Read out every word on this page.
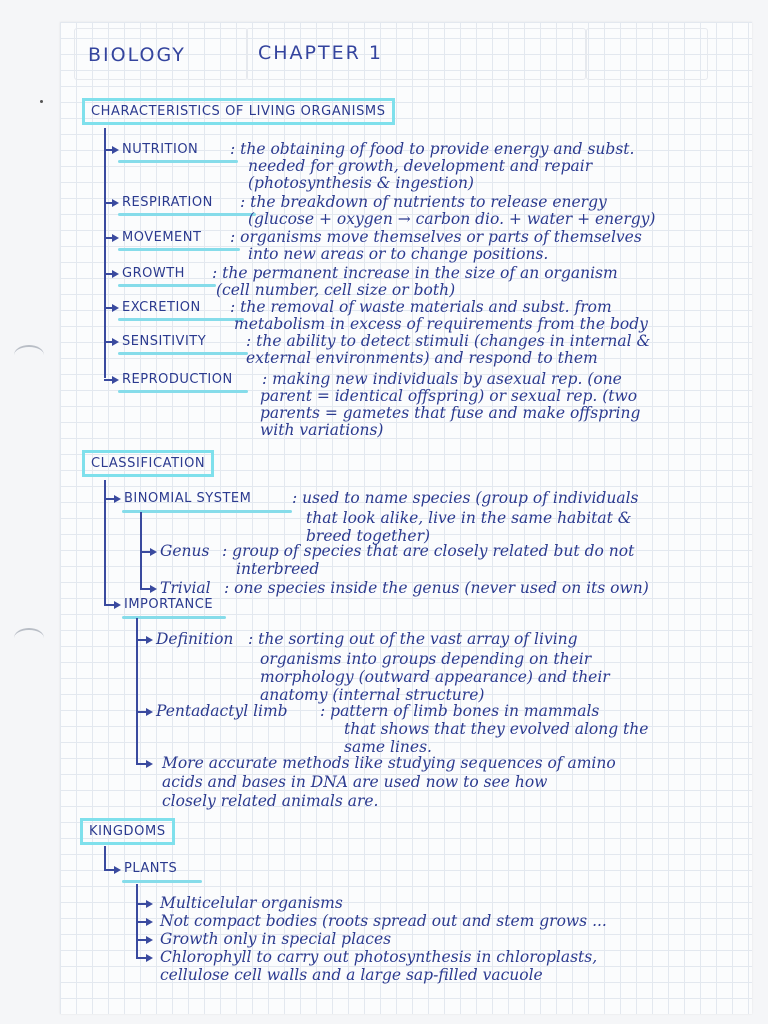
BIOLOGY	CHAPTER 1
CHARACTERISTICS OF LIVING ORGANISMS
NUTRITION : the obtaining of food to provide energy and subst.
needed for growth, development and repair
(photosynthesis & ingestion)
RESPIRATION : the breakdown of nutrients to release energy
(glucose + oxygen → carbon dio. + water + energy)
MOVEMENT : organisms move themselves or parts of themselves
into new areas or to change positions.
GROWTH : the permanent increase in the size of an organism
(cell number, cell size or both)
EXCRETION : the removal of waste materials and subst. from
metabolism in excess of requirements from the body
SENSITIVITY	: the ability to detect stimuli (changes in internal &
external environments) and respond to them
REPRODUCTION : making new individuals by asexual rep. (one
parent = identical offspring) or sexual rep. (two
parents = gametes that fuse and make offspring
with variations)
CLASSIFICATION
BINOMIAL SYSTEM	: used to name species (group of individuals
that look alike, live in the same habitat &
breed together)
Genus : group of species that are closely related but do not
interbreed
Trivial : one species inside the genus (never used on its own)
IMPORTANCE
Definition : the sorting out of the vast array of living
organisms into groups depending on their
morphology (outward appearance) and their
anatomy (internal structure)
Pentadactyl limb : pattern of limb bones in mammals
that shows that they evolved along the
same lines.
More accurate methods like studying sequences of amino
acids and bases in DNA are used now to see how
closely related animals are.
KINGDOMS
PLANTS
Multicelular organisms
Not compact bodies (roots spread out and stem grows ...
Growth only in special places
Chlorophyll to carry out photosynthesis in chloroplasts,
cellulose cell walls and a large sap-filled vacuole
